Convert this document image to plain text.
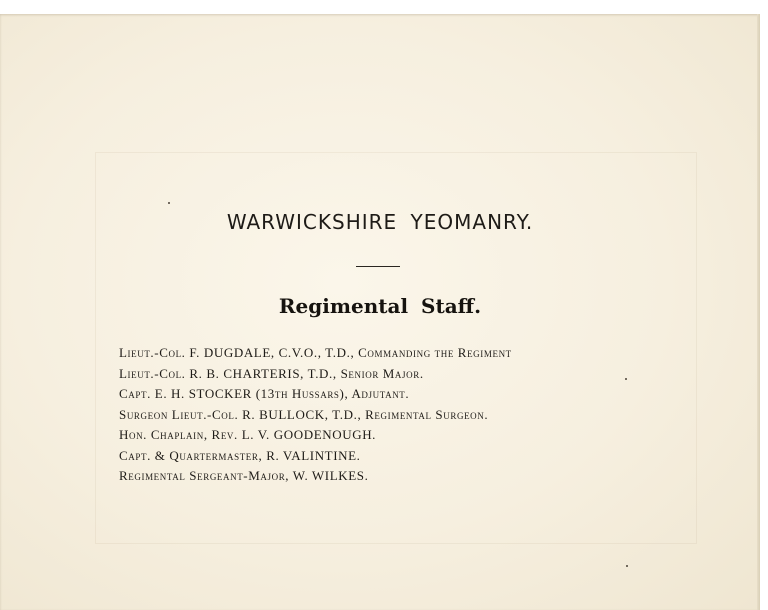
WARWICKSHIRE YEOMANRY.
Regimental Staff.
Lieut.-Col. F. DUGDALE, C.V.O., T.D., Commanding the Regiment
Lieut.-Col. R. B. CHARTERIS, T.D., Senior Major.
Capt. E. H. STOCKER (13th Hussars), Adjutant.
Surgeon Lieut.-Col. R. BULLOCK, T.D., Regimental Surgeon.
Hon. Chaplain, Rev. L. V. GOODENOUGH.
Capt. & Quartermaster, R. VALINTINE.
Regimental Sergeant-Major, W. WILKES.
